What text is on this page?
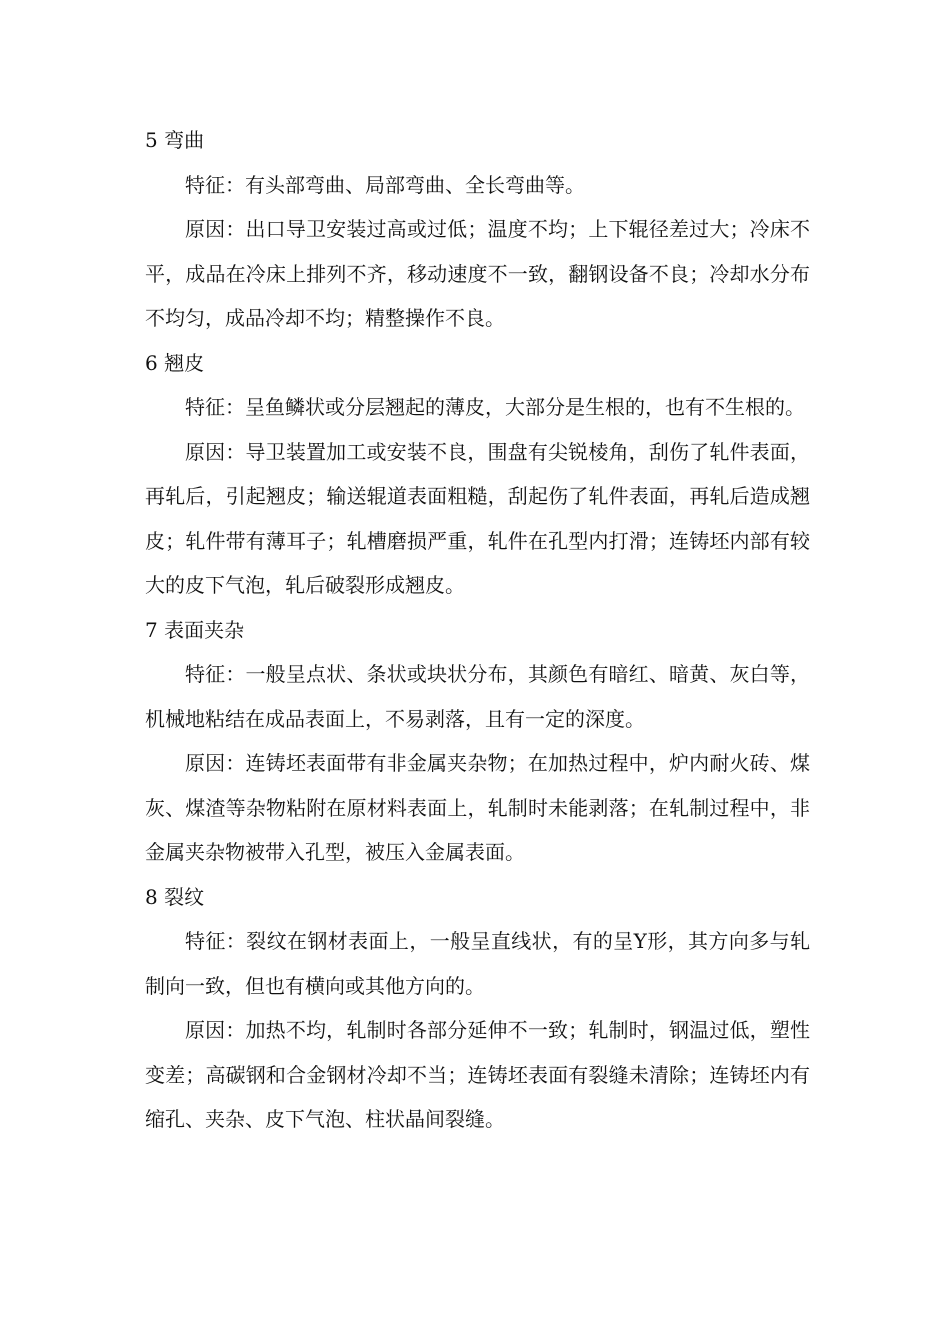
5 弯曲

特征：有头部弯曲、局部弯曲、全长弯曲等。

原因：出口导卫安装过高或过低；温度不均；上下辊径差过大；冷床不平，成品在冷床上排列不齐，移动速度不一致，翻钢设备不良；冷却水分布不均匀，成品冷却不均；精整操作不良。

6 翘皮

特征：呈鱼鳞状或分层翘起的薄皮，大部分是生根的，也有不生根的。

原因：导卫装置加工或安装不良，围盘有尖锐棱角，刮伤了轧件表面，再轧后，引起翘皮；输送辊道表面粗糙，刮起伤了轧件表面，再轧后造成翘皮；轧件带有薄耳子；轧槽磨损严重，轧件在孔型内打滑；连铸坯内部有较大的皮下气泡，轧后破裂形成翘皮。

7 表面夹杂

特征：一般呈点状、条状或块状分布，其颜色有暗红、暗黄、灰白等，机械地粘结在成品表面上，不易剥落，且有一定的深度。

原因：连铸坯表面带有非金属夹杂物；在加热过程中，炉内耐火砖、煤灰、煤渣等杂物粘附在原材料表面上，轧制时未能剥落；在轧制过程中，非金属夹杂物被带入孔型，被压入金属表面。

8 裂纹

特征：裂纹在钢材表面上，一般呈直线状，有的呈Y形，其方向多与轧制向一致，但也有横向或其他方向的。

原因：加热不均，轧制时各部分延伸不一致；轧制时，钢温过低，塑性变差；高碳钢和合金钢材冷却不当；连铸坯表面有裂缝未清除；连铸坯内有缩孔、夹杂、皮下气泡、柱状晶间裂缝。
